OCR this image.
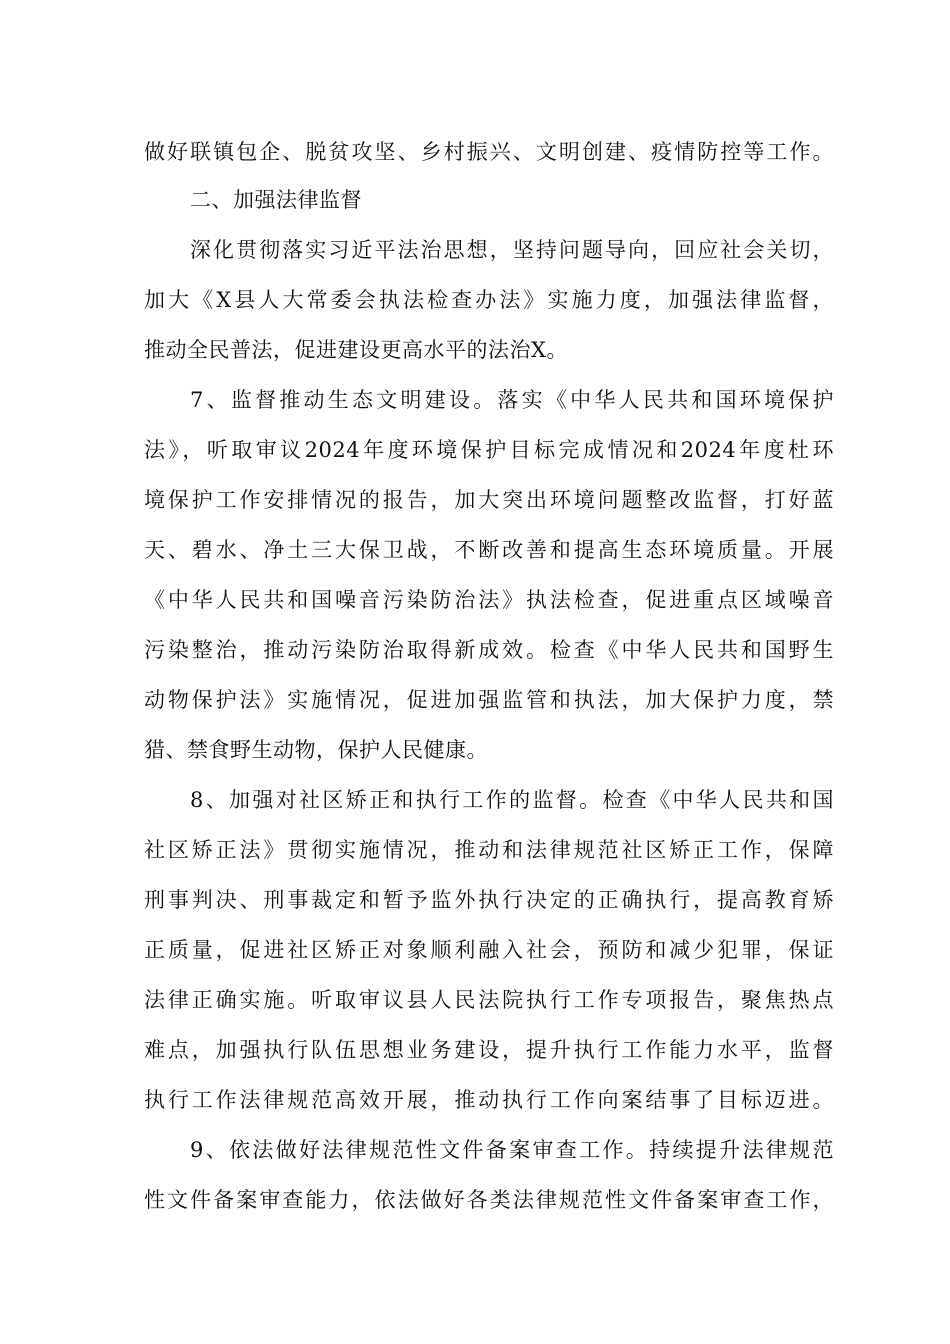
做好联镇包企、脱贫攻坚、乡村振兴、文明创建、疫情防控等工作。
二、加强法律监督
深化贯彻落实习近平法治思想，坚持问题导向，回应社会关切，
加大《X县人大常委会执法检查办法》实施力度，加强法律监督，
推动全民普法，促进建设更高水平的法治X。
7、监督推动生态文明建设。落实《中华人民共和国环境保护
法》，听取审议2024年度环境保护目标完成情况和2024年度杜环
境保护工作安排情况的报告，加大突出环境问题整改监督，打好蓝
天、碧水、净土三大保卫战，不断改善和提高生态环境质量。开展
《中华人民共和国噪音污染防治法》执法检查，促进重点区域噪音
污染整治，推动污染防治取得新成效。检查《中华人民共和国野生
动物保护法》实施情况，促进加强监管和执法，加大保护力度，禁
猎、禁食野生动物，保护人民健康。
8、加强对社区矫正和执行工作的监督。检查《中华人民共和国
社区矫正法》贯彻实施情况，推动和法律规范社区矫正工作，保障
刑事判决、刑事裁定和暂予监外执行决定的正确执行，提高教育矫
正质量，促进社区矫正对象顺利融入社会，预防和减少犯罪，保证
法律正确实施。听取审议县人民法院执行工作专项报告，聚焦热点
难点，加强执行队伍思想业务建设，提升执行工作能力水平，监督
执行工作法律规范高效开展，推动执行工作向案结事了目标迈进。
9、依法做好法律规范性文件备案审查工作。持续提升法律规范
性文件备案审查能力，依法做好各类法律规范性文件备案审查工作，
